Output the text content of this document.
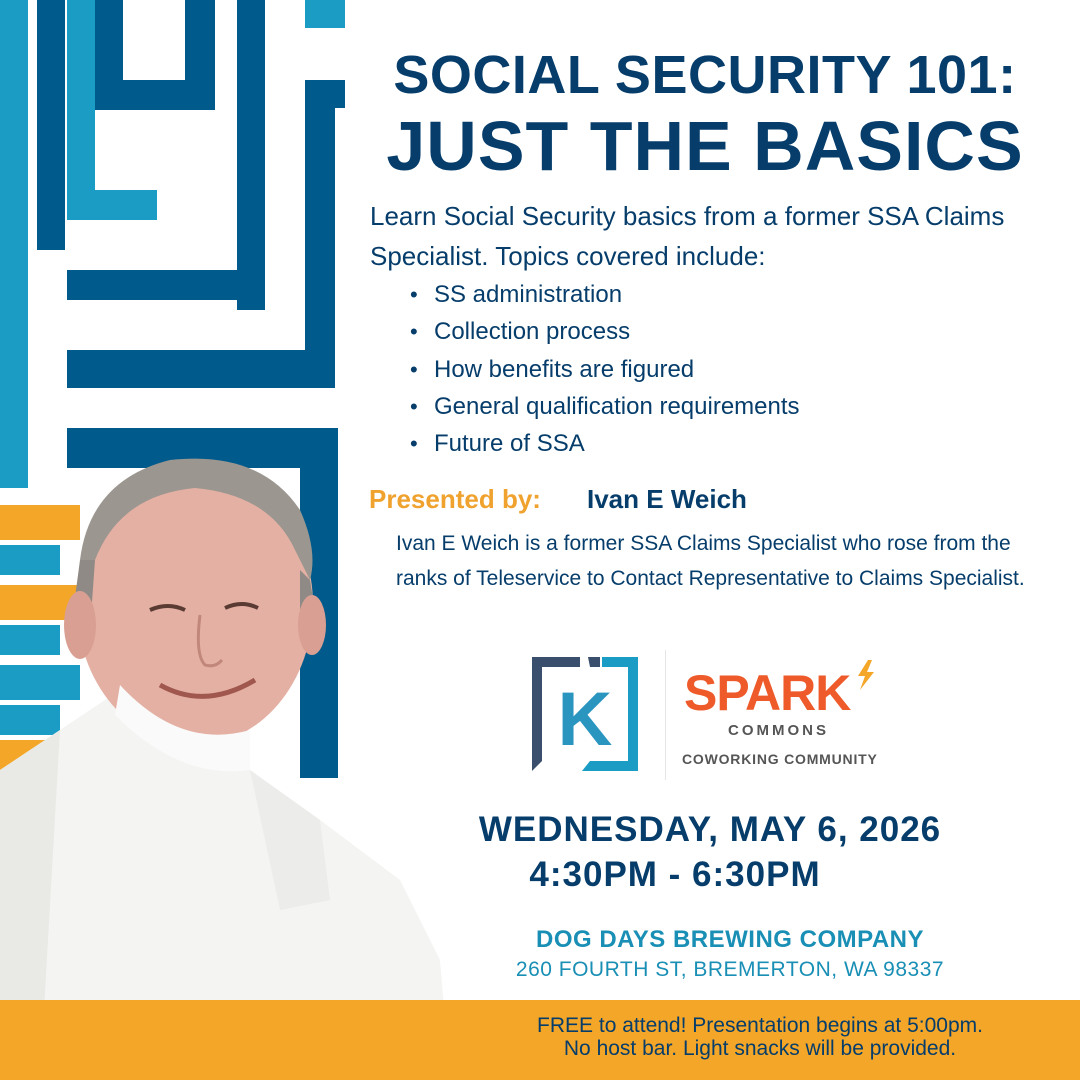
SOCIAL SECURITY 101:
JUST THE BASICS
Learn Social Security basics from a former SSA Claims Specialist. Topics covered include:
• SS administration
• Collection process
• How benefits are figured
• General qualification requirements
• Future of SSA
Presented by: Ivan E Weich
Ivan E Weich is a former SSA Claims Specialist who rose from the ranks of Teleservice to Contact Representative to Claims Specialist.
K SPARK
COMMONS
COWORKING COMMUNITY
WEDNESDAY, MAY 6, 2026
4:30PM - 6:30PM
DOG DAYS BREWING COMPANY
260 FOURTH ST, BREMERTON, WA 98337
FREE to attend! Presentation begins at 5:00pm.
No host bar. Light snacks will be provided.
